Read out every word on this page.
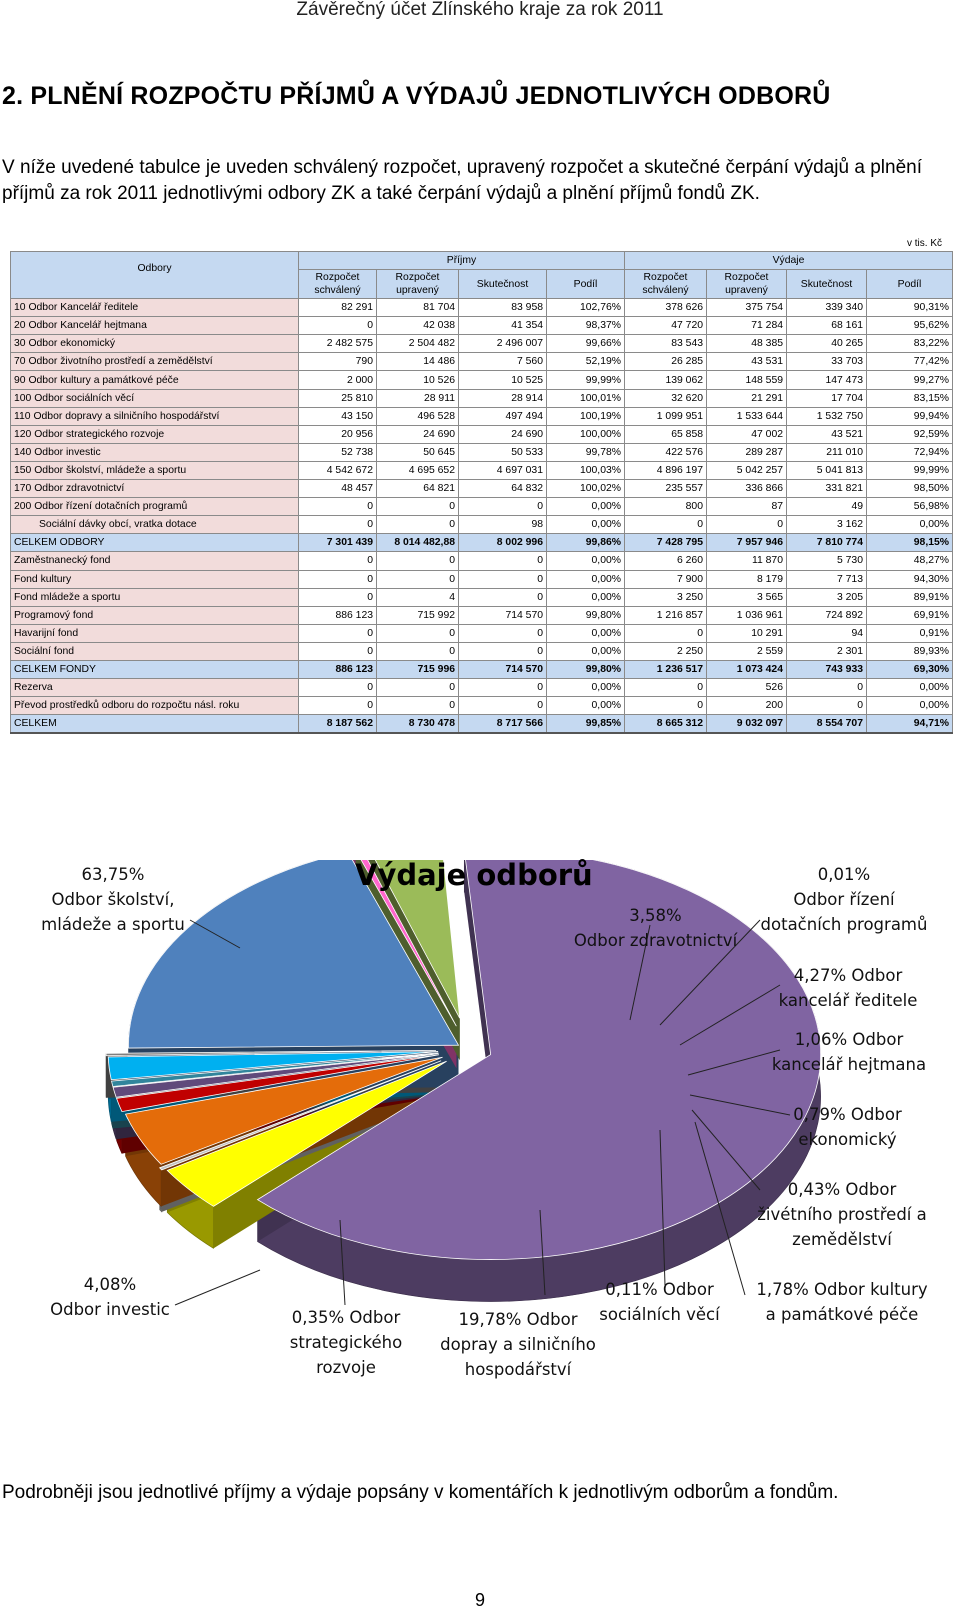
Závěrečný účet Zlínského kraje za rok 2011
2. PLNĚNÍ ROZPOČTU PŘÍJMŮ A VÝDAJŮ JEDNOTLIVÝCH ODBORŮ
V níže uvedené tabulce je uveden schválený rozpočet, upravený rozpočet a skutečné čerpání výdajů a plnění příjmů za rok 2011 jednotlivými odbory ZK a také čerpání výdajů a plnění příjmů fondů ZK.
v tis. Kč
Odbory	Příjmy				Výdaje			
	Rozpočet schválený	Rozpočet upravený	Skutečnost	Podíl	Rozpočet schválený	Rozpočet upravený	Skutečnost	Podíl
10 Odbor Kancelář ředitele	82 291	81 704	83 958	102,76%	378 626	375 754	339 340	90,31%
20 Odbor Kancelář hejtmana	0	42 038	41 354	98,37%	47 720	71 284	68 161	95,62%
30 Odbor ekonomický	2 482 575	2 504 482	2 496 007	99,66%	83 543	48 385	40 265	83,22%
70 Odbor životního prostředí a zemědělství	790	14 486	7 560	52,19%	26 285	43 531	33 703	77,42%
90 Odbor kultury a památkové péče	2 000	10 526	10 525	99,99%	139 062	148 559	147 473	99,27%
100 Odbor sociálních věcí	25 810	28 911	28 914	100,01%	32 620	21 291	17 704	83,15%
110 Odbor dopravy a silničního hospodářství	43 150	496 528	497 494	100,19%	1 099 951	1 533 644	1 532 750	99,94%
120 Odbor strategického rozvoje	20 956	24 690	24 690	100,00%	65 858	47 002	43 521	92,59%
140 Odbor investic	52 738	50 645	50 533	99,78%	422 576	289 287	211 010	72,94%
150 Odbor školství, mládeže a sportu	4 542 672	4 695 652	4 697 031	100,03%	4 896 197	5 042 257	5 041 813	99,99%
170 Odbor zdravotnictví	48 457	64 821	64 832	100,02%	235 557	336 866	331 821	98,50%
200 Odbor řízení dotačních programů	0	0	0	0,00%	800	87	49	56,98%
Sociální dávky obcí, vratka dotace	0	0	98	0,00%	0	0	3 162	0,00%
CELKEM ODBORY	7 301 439	8 014 482,88	8 002 996	99,86%	7 428 795	7 957 946	7 810 774	98,15%
Zaměstnanecký fond	0	0	0	0,00%	6 260	11 870	5 730	48,27%
Fond kultury	0	0	0	0,00%	7 900	8 179	7 713	94,30%
Fond mládeže a sportu	0	4	0	0,00%	3 250	3 565	3 205	89,91%
Programový fond	886 123	715 992	714 570	99,80%	1 216 857	1 036 961	724 892	69,91%
Havarijní fond	0	0	0	0,00%	0	10 291	94	0,91%
Sociální fond	0	0	0	0,00%	2 250	2 559	2 301	89,93%
CELKEM FONDY	886 123	715 996	714 570	99,80%	1 236 517	1 073 424	743 933	69,30%
Rezerva	0	0	0	0,00%	0	526	0	0,00%
Převod prostředků odboru do rozpočtu násl. roku	0	0	0	0,00%	0	200	0	0,00%
CELKEM	8 187 562	8 730 478	8 717 566	99,85%	8 665 312	9 032 097	8 554 707	94,71%
Výdaje odborů
63,75%
Odbor školství, mládeže a sportu	3,58%
Odbor zdravotnictví
0,01%
Odbor řízení dotačních programů
4,27% Odbor kancelář ředitele
1,06% Odbor kancelář hejtmana
0,79% Odbor ekonomický
0,43% Odbor živétního prostředí a zemědělství
1,78% Odbor kultury a památkové péče
0,11% Odbor sociálních věcí
19,78% Odbor dopray a silničního hospodářství
0,35% Odbor strategického rozvoje
4,08%
Odbor investic
Podrobněji jsou jednotlivé příjmy a výdaje popsány v komentářích k jednotlivým odborům a fondům.
9
